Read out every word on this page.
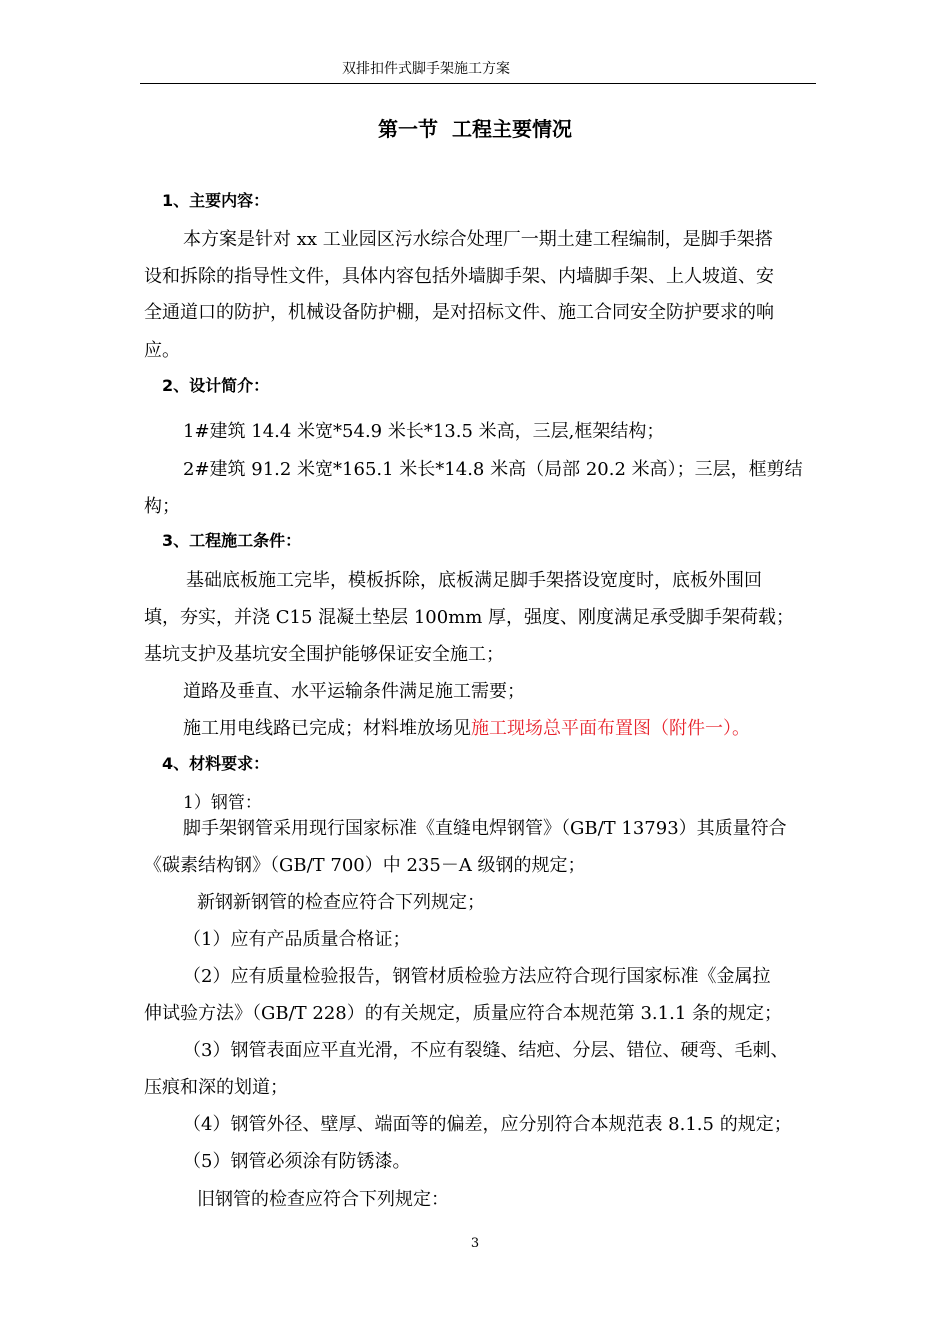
双排扣件式脚手架施工方案
第一节  工程主要情况
1、主要内容：
本方案是针对 xx 工业园区污水综合处理厂一期土建工程编制，是脚手架搭
设和拆除的指导性文件，具体内容包括外墙脚手架、内墙脚手架、上人坡道、安
全通道口的防护，机械设备防护棚，是对招标文件、施工合同安全防护要求的响
应。
2、设计简介：
1#建筑 14.4 米宽*54.9 米长*13.5 米高，三层,框架结构；
2#建筑 91.2 米宽*165.1 米长*14.8 米高（局部 20.2 米高）；三层，框剪结
构；
3、工程施工条件：
基础底板施工完毕，模板拆除，底板满足脚手架搭设宽度时，底板外围回
填，夯实，并浇 C15 混凝土垫层 100mm 厚，强度、刚度满足承受脚手架荷载；
基坑支护及基坑安全围护能够保证安全施工；
道路及垂直、水平运输条件满足施工需要；
施工用电线路已完成；材料堆放场见施工现场总平面布置图（附件一）。
4、材料要求：
1）钢管：
脚手架钢管采用现行国家标准《直缝电焊钢管》（GB/T 13793）其质量符合
《碳素结构钢》（GB/T 700）中 235－A 级钢的规定；
新钢新钢管的检查应符合下列规定；
（1）应有产品质量合格证；
（2）应有质量检验报告，钢管材质检验方法应符合现行国家标准《金属拉
伸试验方法》（GB/T 228）的有关规定，质量应符合本规范第 3.1.1 条的规定；
（3）钢管表面应平直光滑，不应有裂缝、结疤、分层、错位、硬弯、毛刺、
压痕和深的划道；
（4）钢管外径、壁厚、端面等的偏差，应分别符合本规范表 8.1.5 的规定；
（5）钢管必须涂有防锈漆。
旧钢管的检查应符合下列规定：
3
